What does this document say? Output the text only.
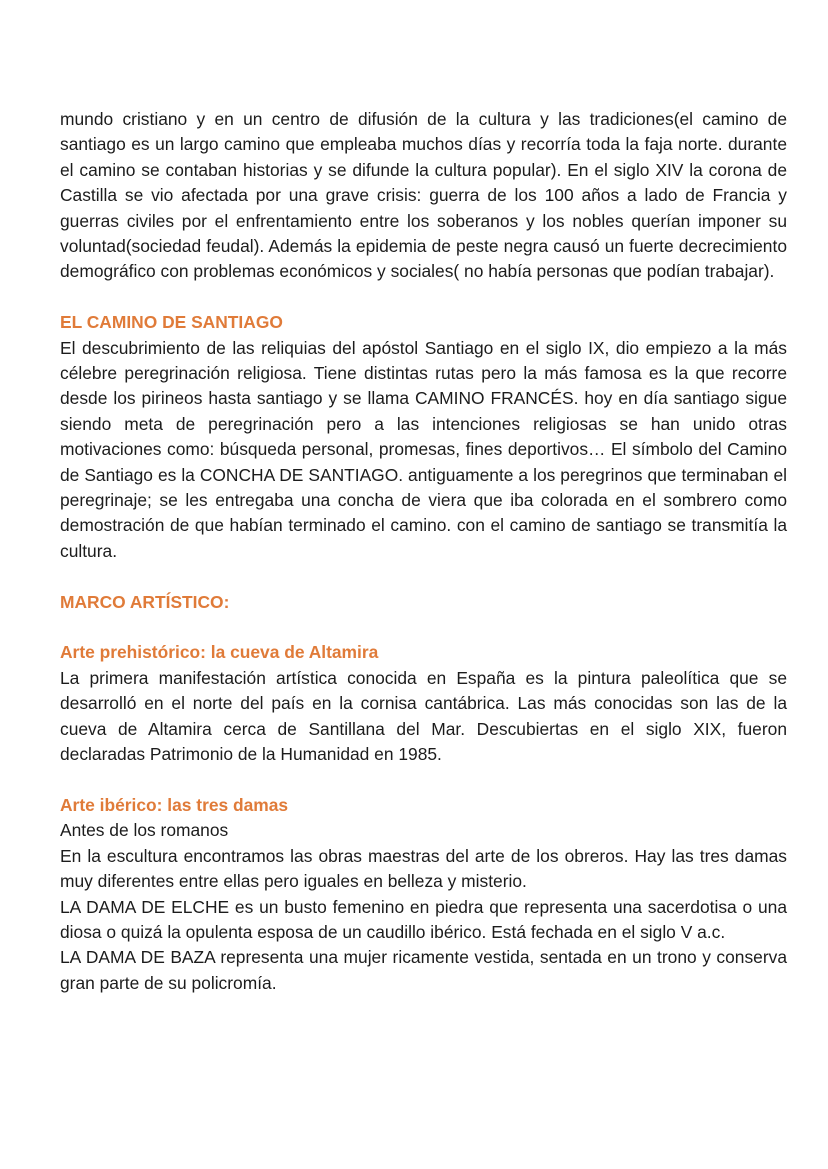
mundo cristiano y en un centro de difusión de la cultura y las tradiciones(el camino de santiago es un largo camino que empleaba muchos días y recorría toda la faja norte. durante el camino se contaban historias y se difunde la cultura popular). En el siglo XIV la corona de Castilla se vio afectada por una grave crisis: guerra de los 100 años a lado de Francia y guerras civiles por el enfrentamiento entre los soberanos y los nobles querían imponer su voluntad(sociedad feudal). Además la epidemia de peste negra causó un fuerte decrecimiento demográfico con problemas económicos y sociales( no había personas que podían trabajar).

EL CAMINO DE SANTIAGO

El descubrimiento de las reliquias del apóstol Santiago en el siglo IX, dio empiezo a la más célebre peregrinación religiosa. Tiene distintas rutas pero la más famosa es la que recorre desde los pirineos hasta santiago y se llama CAMINO FRANCÉS. hoy en día santiago sigue siendo meta de peregrinación pero a las intenciones religiosas se han unido otras motivaciones como: búsqueda personal, promesas, fines deportivos… El símbolo del Camino de Santiago es la CONCHA DE SANTIAGO. antiguamente a los peregrinos que terminaban el peregrinaje; se les entregaba una concha de viera que iba colorada en el sombrero como demostración de que habían terminado el camino. con el camino de santiago se transmitía la cultura.

MARCO ARTÍSTICO:
Arte prehistórico: la cueva de Altamira

La primera manifestación artística conocida en España es la pintura paleolítica que se desarrolló en el norte del país en la cornisa cantábrica. Las más conocidas son las de la cueva de Altamira cerca de Santillana del Mar. Descubiertas en el siglo XIX, fueron declaradas Patrimonio de la Humanidad en 1985.

Arte ibérico: las tres damas

Antes de los romanos

En la escultura encontramos las obras maestras del arte de los obreros. Hay las tres damas muy diferentes entre ellas pero iguales en belleza y misterio.

LA DAMA DE ELCHE es un busto femenino en piedra que representa una sacerdotisa o una diosa o quizá la opulenta esposa de un caudillo ibérico. Está fechada en el siglo V a.c.

LA DAMA DE BAZA representa una mujer ricamente vestida, sentada en un trono y conserva gran parte de su policromía.
